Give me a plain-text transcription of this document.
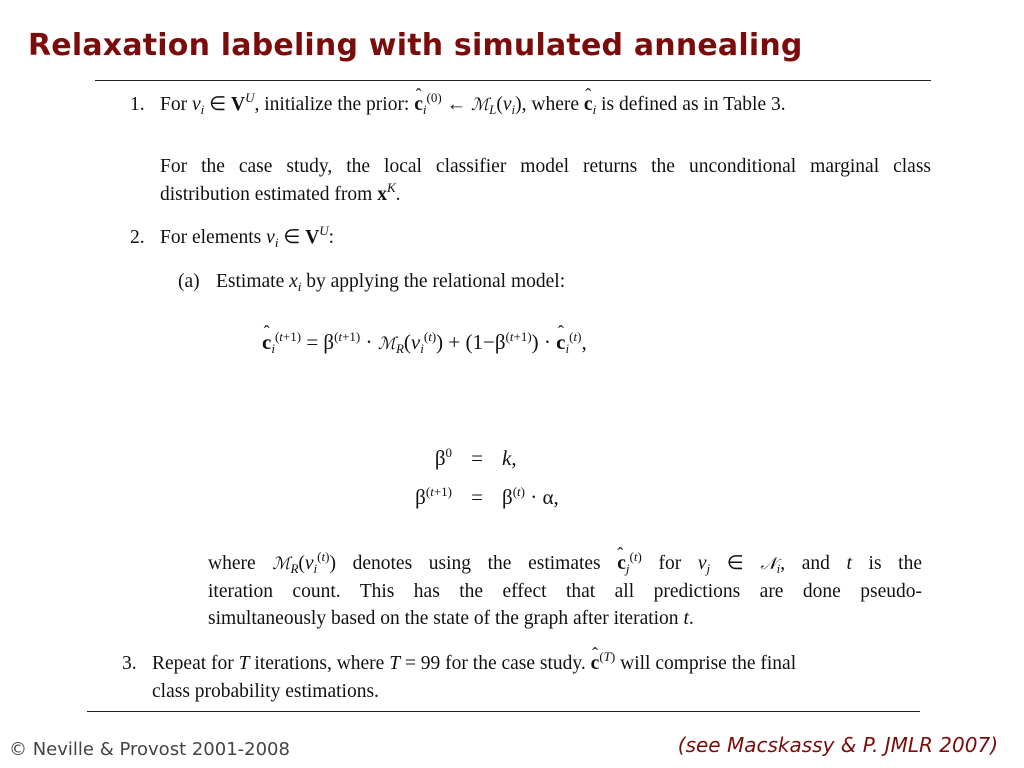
Relaxation labeling with simulated annealing
1. For $v_i$ ∈ $V^U$, initialize the prior: ˆ $c_i^{(0)}$ ← $ℳ_L(v_i)$, where ˆ $c_i$ is defined as in Table 3.
For the case study, the local classifier model returns the unconditional marginal class
distribution estimated from $x^K$.
2. For elements $v_i$ ∈ $V^U$:
(a) Estimate $x_i$ by applying the relational model:
ˆ $c_i^{(t+1)} = \beta^{(t+1)}$ · $ℳ_R(v_i^{(t)}) + (1-\beta^{(t+1)})$ · ˆ $c_i^{(t)}$,
$\beta^0 = k$,
$\beta^{(t+1)} = \beta^{(t)} \cdot \alpha$,
where $ℳ_R(v_i^{(t)})$ denotes using the estimates ˆ $c_j^{(t)}$ for $v_j$ ∈ 𝒩$_i$, and t is the
iteration count. This has the effect that all predictions are done pseudo-
simultaneously based on the state of the graph after iteration t.
3. Repeat for T iterations, where T = 99 for the case study. ˆ $c^{(T)}$ will comprise the final
class probability estimations.
© Neville & Provost 2001-2008	(see Macskassy & P. JMLR 2007)
